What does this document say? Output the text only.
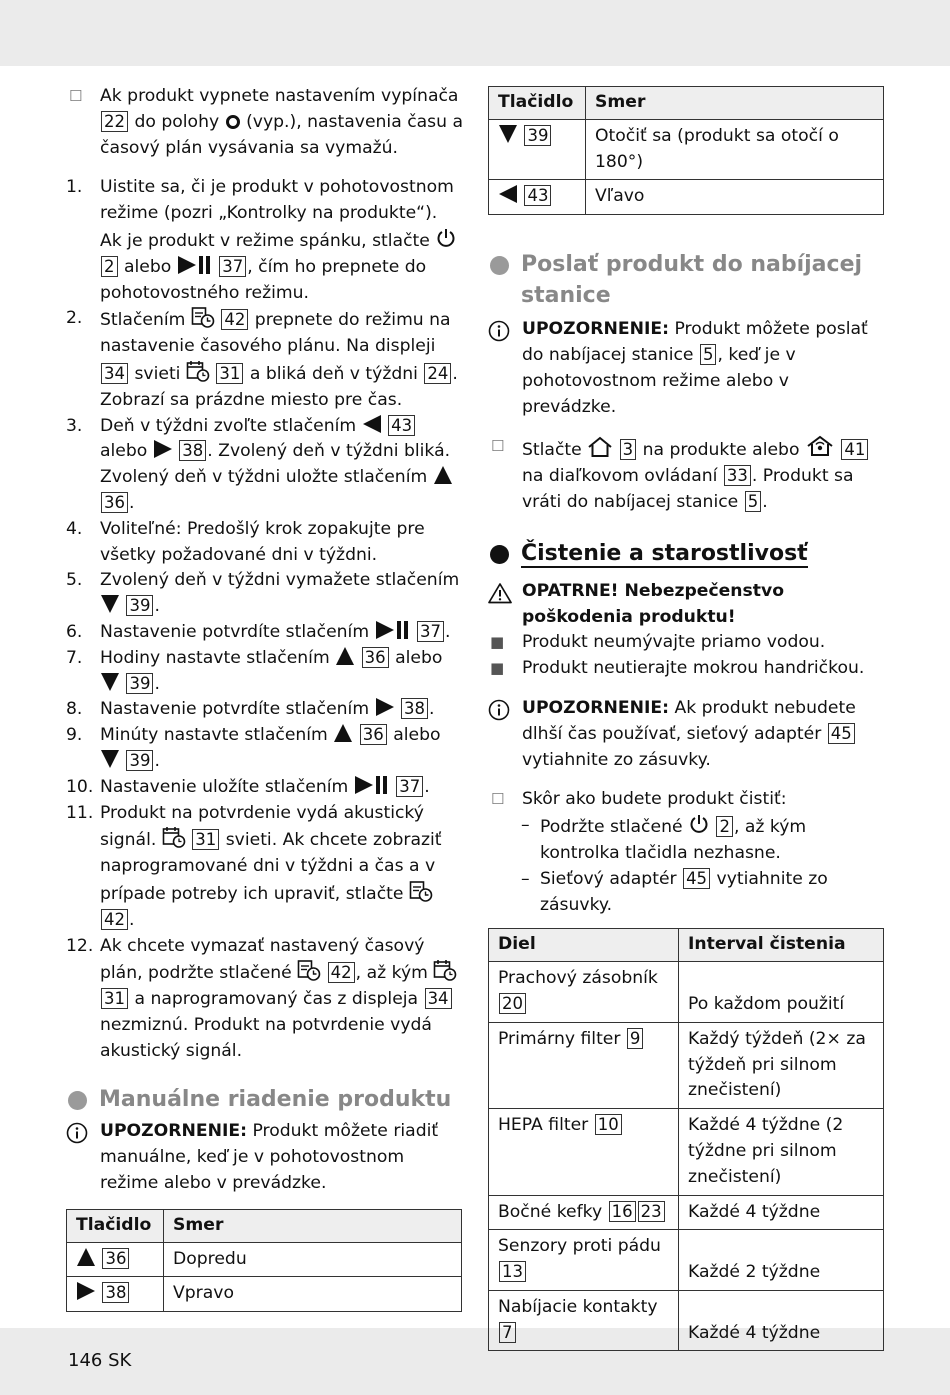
146 SK
☐ Ak produkt vypnete nastavením vypínača 22 do polohy  (vyp.), nastavenia času a časový plán vysávania sa vymažú.
1. Uistite sa, či je produkt v pohotovostnom režime (pozri „Kontrolky na produkte“). Ak je produkt v režime spánku, stlačte  2 alebo	37 , čím ho prepnete do pohotovostného režimu.
2. Stlačením  42 prepnete do režimu na nastavenie časového plánu. Na displeji 34 svieti  31 a bliká deň v týždni 24 . Zobrazí sa prázdne miesto pre čas.
3. Deň v týždni zvoľte stlačením  43 alebo  38 . Zvolený deň v týždni bliká. Zvolený deň v týždni uložte stlačením  36 .
4. Voliteľné: Predošlý krok zopakujte pre všetky požadované dni v týždni.
5. Zvolený deň v týždni vymažete stlačením  39 .
6. Nastavenie potvrdíte stlačením	37 .
7. Hodiny nastavte stlačením  36 alebo  39 .
8. Nastavenie potvrdíte stlačením  38 .
9. Minúty nastavte stlačením  36 alebo  39 .
10. Nastavenie uložíte stlačením	37 .
11. Produkt na potvrdenie vydá akustický signál.  31 svieti. Ak chcete zobraziť naprogramované dni v týždni a čas a v prípade potreby ich upraviť, stlačte  42 .
12. Ak chcete vymazať nastavený časový plán, podržte stlačené  42 , až kým  31 a naprogramovaný čas z displeja 34 nezmiznú. Produkt na potvrdenie vydá akustický signál.
Manuálne riadenie produktu
UPOZORNENIE: Produkt môžete riadiť manuálne, keď je v pohotovostnom režime alebo v prevádzke.
Tlačidlo	Smer
36	Dopredu
38	Vpravo
Tlačidlo	Smer
39	Otočiť sa (produkt sa otočí o 180°)
43	Vľavo
Poslať produkt do nabíjacej stanice
UPOZORNENIE: Produkt môžete poslať do nabíjacej stanice 5 , keď je v pohotovostnom režime alebo v prevádzke.
☐ Stlačte  3 na produkte alebo  41 na diaľkovom ovládaní 33 . Produkt sa vráti do nabíjacej stanice 5 .
Čistenie a starostlivosť
OPATRNE! Nebezpečenstvo poškodenia produktu!
■ Produkt neumývajte priamo vodou.
■ Produkt neutierajte mokrou handričkou.
UPOZORNENIE: Ak produkt nebudete dlhší čas používať, sieťový adaptér 45 vytiahnite zo zásuvky.
☐ Skôr ako budete produkt čistiť:
– Podržte stlačené  2 , až kým kontrolka tlačidla nezhasne.
– Sieťový adaptér 45 vytiahnite zo zásuvky.
Diel	Interval čistenia
Prachový zásobník 20	Po každom použití
Primárny filter 9	Každý týždeň (2× za týždeň pri silnom znečistení)
HEPA filter 10	Každé 4 týždne (2 týždne pri silnom znečistení)
Bočné kefky 16 23	Každé 4 týždne
Senzory proti pádu 13	Každé 2 týždne
Nabíjacie kontakty 7	Každé 4 týždne
